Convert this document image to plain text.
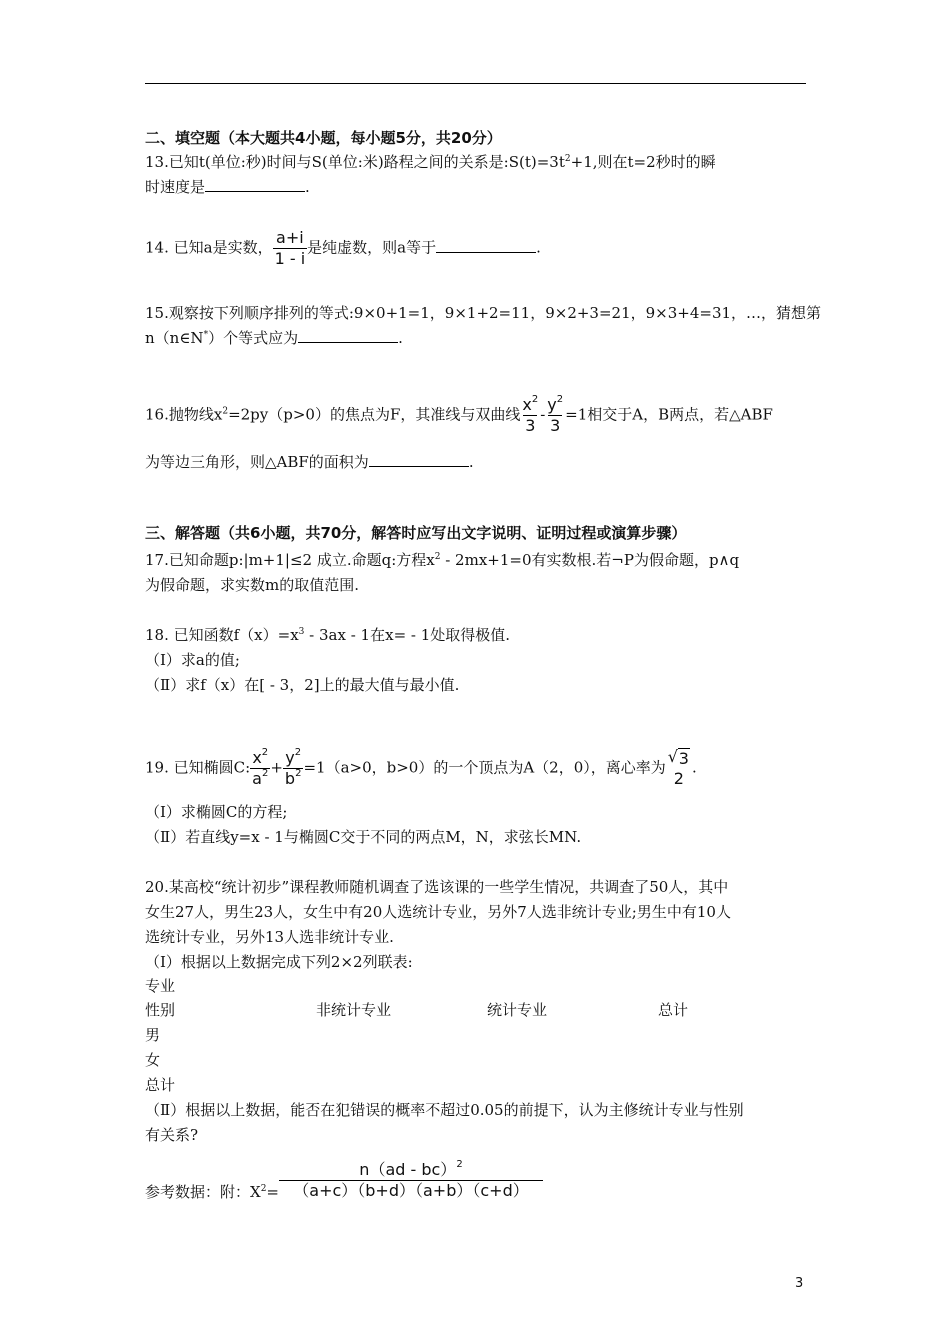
二、填空题（本大题共4小题，每小题5分，共20分）
13.已知t(单位:秒)时间与S(单位:米)路程之间的关系是$:S(t)=3t^2+1$,则在t=2秒时的瞬
时速度是	.
14. 已知a是实数， $\frac{a+i}{1 - i}$ 是纯虚数，则a等于	.
15.观察按下列顺序排列的等式:9×0+1=1，9×1+2=11，9×2+3=21，9×3+4=31，…，猜想第
n（n∈N*）个等式应为	.
16.抛物线$x^2=2py(p>0)$的焦点为F，其准线与双曲线 $\frac{x^2}{3} - \frac{y^2}{3} =1$相交于A，B两点，若△ABF
为等边三角形，则△ABF的面积为	.
三、解答题（共6小题，共70分，解答时应写出文字说明、证明过程或演算步骤）
17.已知命题p:|m+1|≤2 成立.命题q:方程$x^2 - 2mx+1=0$有实数根.若¬P为假命题，p∧q
为假命题，求实数m的取值范围.
18. 已知函数$f(x)=x^3 - 3ax - 1$在x= - 1处取得极值.
（Ⅰ）求a的值;
（Ⅱ）求f（x）在[ - 3，2]上的最大值与最小值.
19. 已知椭圆C: $\frac{x^2}{a^2} + \frac{y^2}{b^2} =1(a>0$，b>0）的一个顶点为A（2，0），离心率为
√ 3
2
.
（Ⅰ）求椭圆C的方程;
（Ⅱ）若直线y=x - 1与椭圆C交于不同的两点M，N，求弦长MN.
20.某高校“统计初步”课程教师随机调查了选该课的一些学生情况，共调查了50人，其中
女生27人，男生23人，女生中有20人选统计专业，另外7人选非统计专业;男生中有10人
选统计专业，另外13人选非统计专业.
（Ⅰ）根据以上数据完成下列2×2列联表:
专业
性别	非统计专业	统计专业	总计
男
女
总计
（Ⅱ）根据以上数据，能否在犯错误的概率不超过0.05的前提下，认为主修统计专业与性别
有关系?
参考数据：附：$X^2= \frac{n(ad - bc)^2}{(a+c)(b+d)(a+b)(c+d)}$
3
